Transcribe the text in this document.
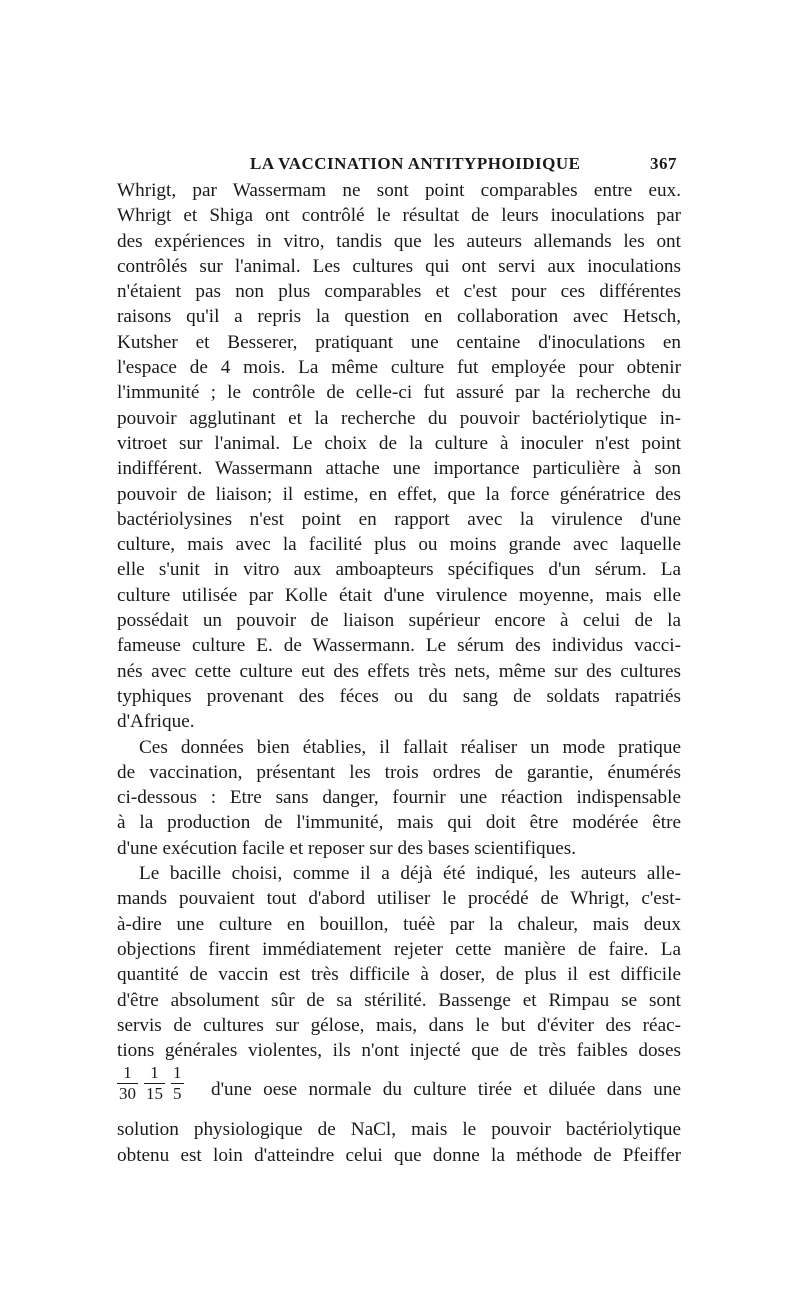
LA VACCINATION ANTITYPHOIDIQUE	367
Whrigt, par Wassermam ne sont point comparables entre eux.
Whrigt et Shiga ont contrôlé le résultat de leurs inoculations par
des expériences in vitro, tandis que les auteurs allemands les ont
contrôlés sur l'animal. Les cultures qui ont servi aux inoculations
n'étaient pas non plus comparables et c'est pour ces différentes
raisons qu'il a repris la question en collaboration avec Hetsch,
Kutsher et Besserer, pratiquant une centaine d'inoculations en
l'espace de 4 mois. La même culture fut employée pour obtenir
l'immunité ; le contrôle de celle-ci fut assuré par la recherche du
pouvoir agglutinant et la recherche du pouvoir bactériolytique in-
vitroet sur l'animal. Le choix de la culture à inoculer n'est point
indifférent. Wassermann attache une importance particulière à son
pouvoir de liaison; il estime, en effet, que la force génératrice des
bactériolysines n'est point en rapport avec la virulence d'une
culture, mais avec la facilité plus ou moins grande avec laquelle
elle s'unit in vitro aux amboapteurs spécifiques d'un sérum. La
culture utilisée par Kolle était d'une virulence moyenne, mais elle
possédait un pouvoir de liaison supérieur encore à celui de la
fameuse culture E. de Wassermann. Le sérum des individus vacci-
nés avec cette culture eut des effets très nets, même sur des cultures
typhiques provenant des féces ou du sang de soldats rapatriés
d'Afrique.
Ces données bien établies, il fallait réaliser un mode pratique
de vaccination, présentant les trois ordres de garantie, énumérés
ci-dessous : Etre sans danger, fournir une réaction indispensable
à la production de l'immunité, mais qui doit être modérée être
d'une exécution facile et reposer sur des bases scientifiques.
Le bacille choisi, comme il a déjà été indiqué, les auteurs alle-
mands pouvaient tout d'abord utiliser le procédé de Whrigt, c'est-
à-dire une culture en bouillon, tuéè par la chaleur, mais deux
objections firent immédiatement rejeter cette manière de faire. La
quantité de vaccin est très difficile à doser, de plus il est difficile
d'être absolument sûr de sa stérilité. Bassenge et Rimpau se sont
servis de cultures sur gélose, mais, dans le but d'éviter des réac-
tions générales violentes, ils n'ont injecté que de très faibles doses
$\frac{1}{30} \frac{1}{15} \frac{1}{5} d'une$ oese normale du culture tirée et diluée dans une
solution physiologique de NaCl, mais le pouvoir bactériolytique
obtenu est loin d'atteindre celui que donne la méthode de Pfeiffer
